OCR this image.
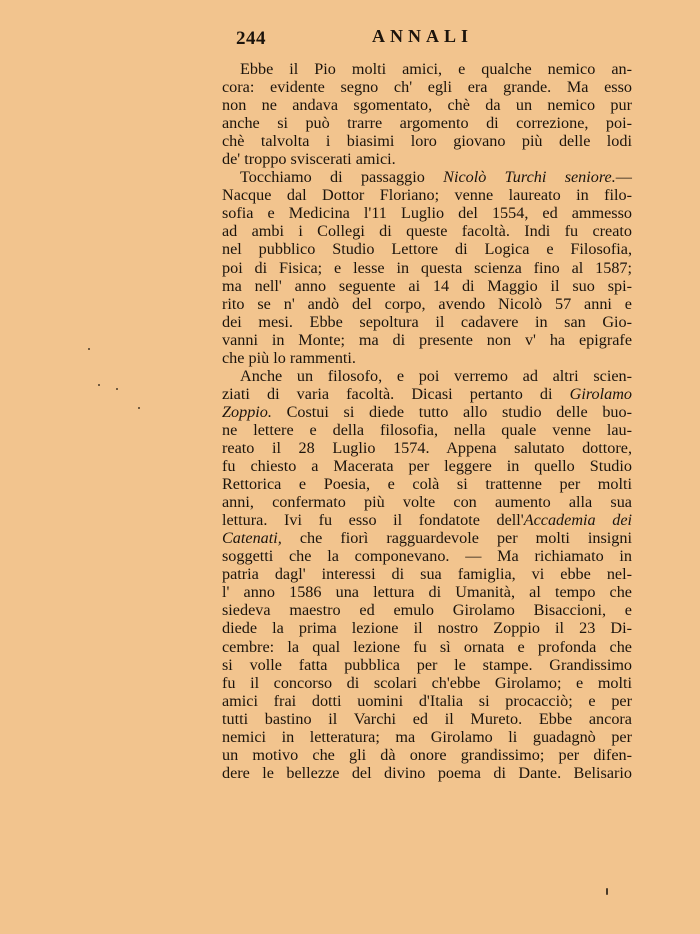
244	ANNALI
Ebbe il Pio molti amici, e qualche nemico an-
cora: evidente segno ch' egli era grande. Ma esso
non ne andava sgomentato, chè da un nemico pur
anche si può trarre argomento di correzione, poi-
chè talvolta i biasimi loro giovano più delle lodi
de' troppo sviscerati amici.
Tocchiamo di passaggio Nicolò Turchi seniore.—
Nacque dal Dottor Floriano; venne laureato in filo-
sofia e Medicina l'11 Luglio del 1554, ed ammesso
ad ambi i Collegi di queste facoltà. Indi fu creato
nel pubblico Studio Lettore di Logica e Filosofia,
poi di Fisica; e lesse in questa scienza fino al 1587;
ma nell' anno seguente ai 14 di Maggio il suo spi-
rito se n' andò del corpo, avendo Nicolò 57 anni e
dei mesi. Ebbe sepoltura il cadavere in san Gio-
vanni in Monte; ma di presente non v' ha epigrafe
che più lo rammenti.
Anche un filosofo, e poi verremo ad altri scien-
ziati di varia facoltà. Dicasi pertanto di Girolamo
Zoppio. Costui si diede tutto allo studio delle buo-
ne lettere e della filosofia, nella quale venne lau-
reato il 28 Luglio 1574. Appena salutato dottore,
fu chiesto a Macerata per leggere in quello Studio
Rettorica e Poesia, e colà si trattenne per molti
anni, confermato più volte con aumento alla sua
lettura. Ivi fu esso il fondatote dell'Accademia dei
Catenati, che fiorì ragguardevole per molti insigni
soggetti che la componevano. — Ma richiamato in
patria dagl' interessi di sua famiglia, vi ebbe nel-
l' anno 1586 una lettura di Umanità, al tempo che
siedeva maestro ed emulo Girolamo Bisaccioni, e
diede la prima lezione il nostro Zoppio il 23 Di-
cembre: la qual lezione fu sì ornata e profonda che
si volle fatta pubblica per le stampe. Grandissimo
fu il concorso di scolari ch'ebbe Girolamo; e molti
amici frai dotti uomini d'Italia si procacciò; e per
tutti bastino il Varchi ed il Mureto. Ebbe ancora
nemici in letteratura; ma Girolamo li guadagnò per
un motivo che gli dà onore grandissimo; per difen-
dere le bellezze del divino poema di Dante. Belisario
